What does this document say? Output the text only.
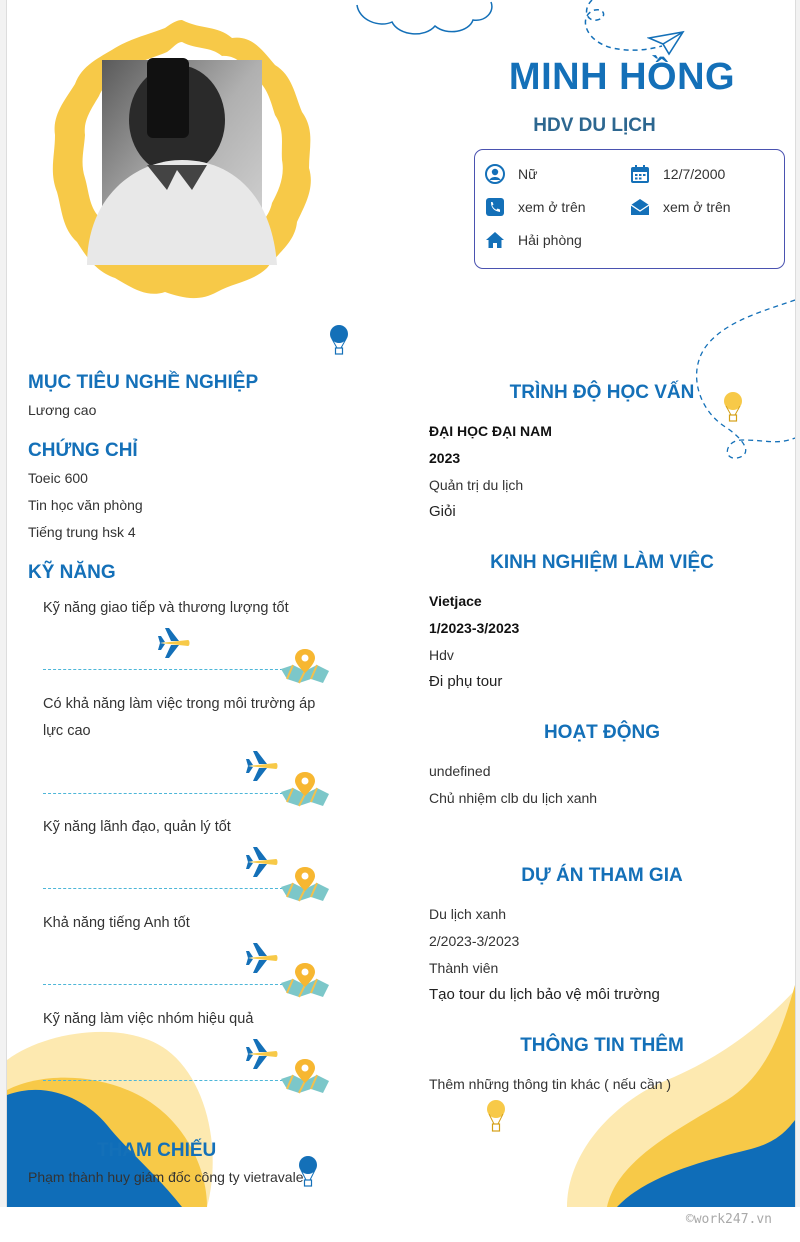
MINH HỒNG
HDV DU LỊCH
Nữ	12/7/2000
xem ở trên	xem ở trên
Hải phòng
MỤC TIÊU NGHỀ NGHIỆP
Lương cao
CHỨNG CHỈ
Toeic 600
Tin học văn phòng
Tiếng trung hsk 4
KỸ NĂNG
Kỹ năng giao tiếp và thương lượng tốt
Có khả năng làm việc trong môi trường áp lực cao
Kỹ năng lãnh đạo, quản lý tốt
Khả năng tiếng Anh tốt
Kỹ năng làm việc nhóm hiệu quả
THAM CHIẾU
Phạm thành huy giám đốc công ty vietravale
TRÌNH ĐỘ HỌC VẤN
ĐẠI HỌC ĐẠI NAM
2023
Quản trị du lịch
Giỏi
KINH NGHIỆM LÀM VIỆC
Vietjace
1/2023-3/2023
Hdv
Đi phụ tour
HOẠT ĐỘNG
undefined
Chủ nhiệm clb du lịch xanh
DỰ ÁN THAM GIA
Du lịch xanh
2/2023-3/2023
Thành viên
Tạo tour du lịch bảo vệ môi trường
THÔNG TIN THÊM
Thêm những thông tin khác ( nếu cần )
©work247.vn
